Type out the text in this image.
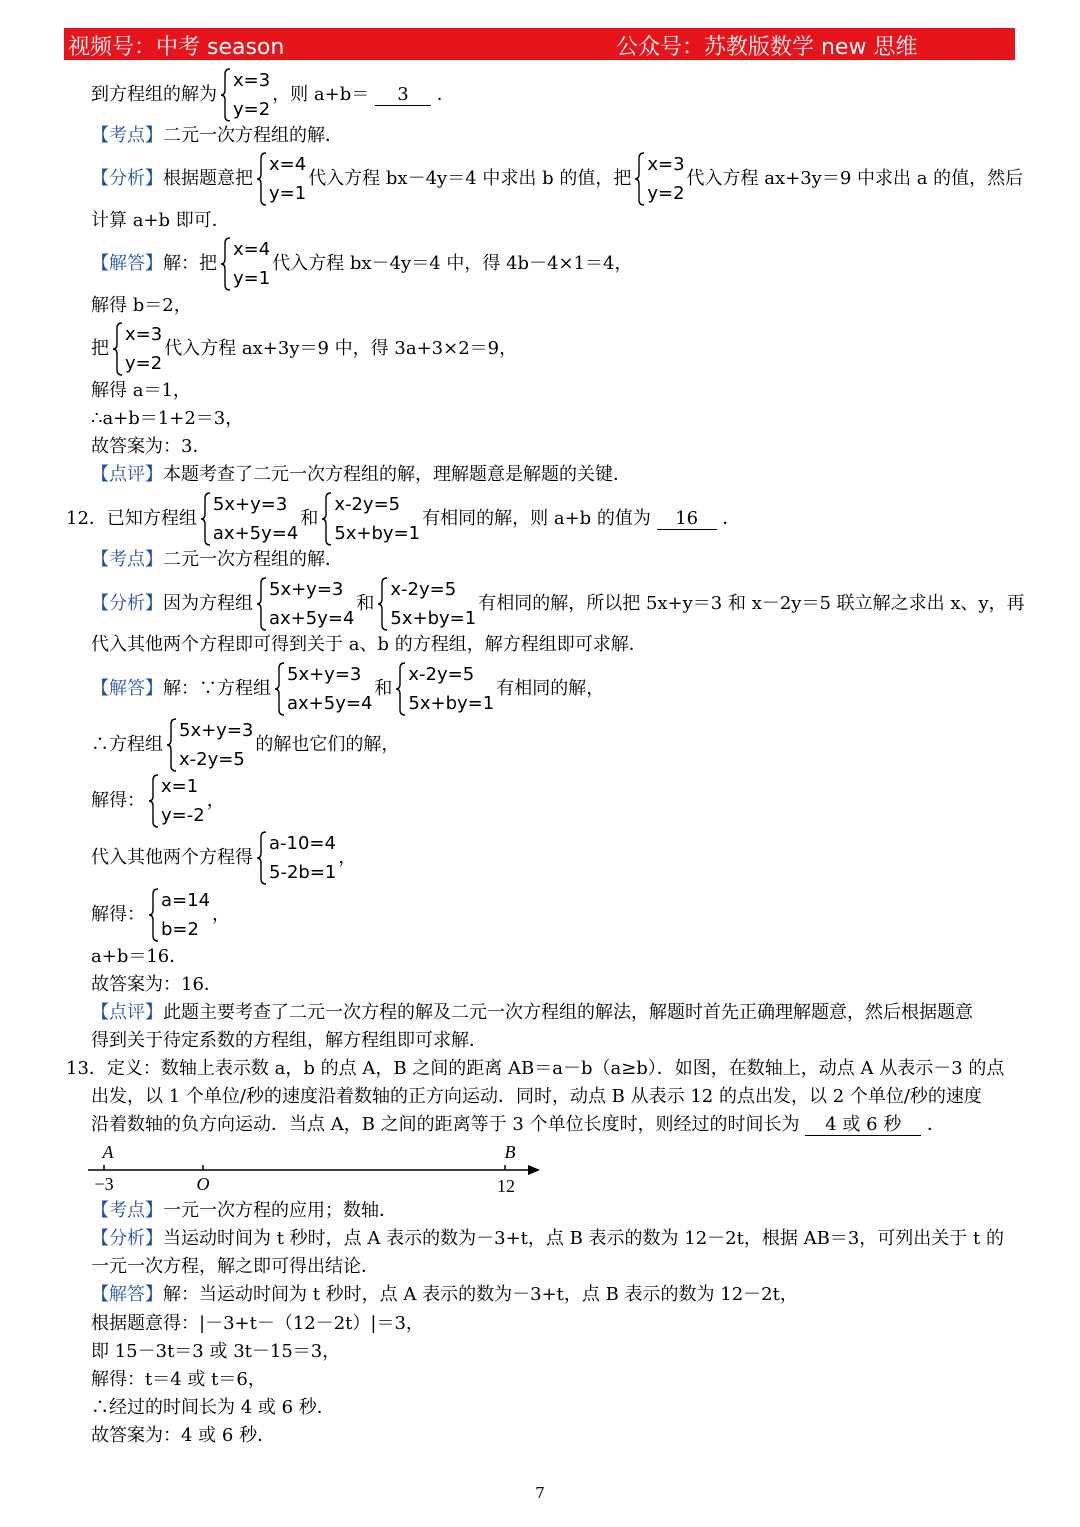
视频号：中考 season	公众号：苏教版数学 new 思维
到方程组的解为
x=3
y=2
，则 a+b＝ 3 ．
【考点】二元一次方程组的解．
【分析】根据题意把
x=4
y=1
代入方程 bx－4y＝4 中求出 b 的值，把
x=3
y=2
代入方程 ax+3y＝9 中求出 a 的值，然后
计算 a+b 即可．
【解答】解：把
x=4
y=1
代入方程 bx－4y＝4 中，得 4b－4×1＝4，
解得 b＝2，
把
x=3
y=2
代入方程 ax+3y＝9 中，得 3a+3×2＝9，
解得 a＝1，
∴a+b＝1+2＝3，
故答案为：3．
【点评】本题考查了二元一次方程组的解，理解题意是解题的关键．
12．已知方程组
5x+y=3
ax+5y=4
和
x-2y=5
5x+by=1
有相同的解，则 a+b 的值为 16 ．
【考点】二元一次方程组的解．
【分析】因为方程组
5x+y=3
ax+5y=4
和
x-2y=5
5x+by=1
有相同的解，所以把 5x+y＝3 和 x－2y＝5 联立解之求出 x、y，再
代入其他两个方程即可得到关于 a、b 的方程组，解方程组即可求解．
【解答】解：∵方程组
5x+y=3
ax+5y=4
和
x-2y=5
5x+by=1
有相同的解，
∴方程组
5x+y=3
x-2y=5
的解也它们的解，
解得：
x=1
y=-2
，
代入其他两个方程得
a-10=4
5-2b=1
，
解得：
a=14
b=2
，
a+b＝16．
故答案为：16．
【点评】此题主要考查了二元一次方程的解及二元一次方程组的解法，解题时首先正确理解题意，然后根据题意
得到关于待定系数的方程组，解方程组即可求解．
13．定义：数轴上表示数 a，b 的点 A，B 之间的距离 AB＝a－b（a≥b）．如图，在数轴上，动点 A 从表示－3 的点
出发，以 1 个单位/秒的速度沿着数轴的正方向运动．同时，动点 B 从表示 12 的点出发，以 2 个单位/秒的速度
沿着数轴的负方向运动．当点 A，B 之间的距离等于 3 个单位长度时，则经过的时间长为 4 或 6 秒 ．
A	B
O
−3	12
【考点】一元一次方程的应用；数轴．
【分析】当运动时间为 t 秒时，点 A 表示的数为－3+t，点 B 表示的数为 12－2t，根据 AB＝3，可列出关于 t 的
一元一次方程，解之即可得出结论．
【解答】解：当运动时间为 t 秒时，点 A 表示的数为－3+t，点 B 表示的数为 12－2t，
根据题意得：|－3+t－（12－2t）|＝3，
即 15－3t＝3 或 3t－15＝3，
解得：t＝4 或 t＝6，
∴经过的时间长为 4 或 6 秒．
故答案为：4 或 6 秒．
7
